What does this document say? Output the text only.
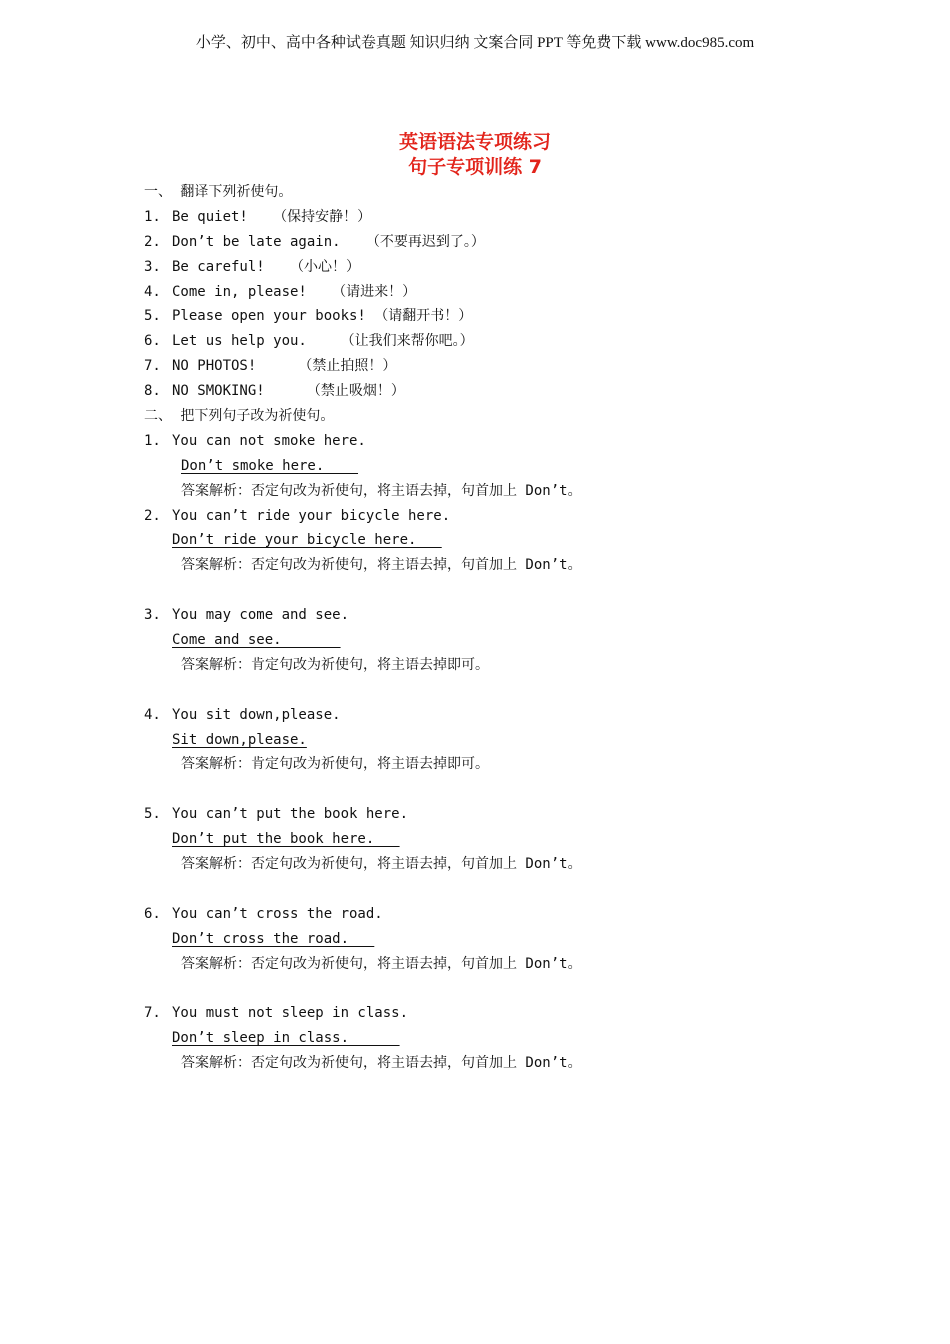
小学、初中、高中各种试卷真题 知识归纳 文案合同 PPT 等免费下载 www.doc985.com
英语语法专项练习
句子专项训练 7
一、 翻译下列祈使句。
1. Be quiet!   （保持安静！）
2. Don’t be late again.   （不要再迟到了。）
3. Be careful!   （小心！）
4. Come in, please!   （请进来！）
5. Please open your books! （请翻开书！）
6. Let us help you.    （让我们来帮你吧。）
7. NO PHOTOS!     （禁止拍照！）
8. NO SMOKING!     （禁止吸烟！）
二、 把下列句子改为祈使句。
1. You can not smoke here.
Don’t smoke here.
答案解析：否定句改为祈使句，将主语去掉，句首加上 Don’t。
2. You can’t ride your bicycle here.
Don’t ride your bicycle here.
答案解析：否定句改为祈使句，将主语去掉，句首加上 Don’t。
3. You may come and see.
Come and see.
答案解析：肯定句改为祈使句，将主语去掉即可。
4. You sit down,please.
Sit down,please.
答案解析：肯定句改为祈使句，将主语去掉即可。
5. You can’t put the book here.
Don’t put the book here.
答案解析：否定句改为祈使句，将主语去掉，句首加上 Don’t。
6. You can’t cross the road.
Don’t cross the road.
答案解析：否定句改为祈使句，将主语去掉，句首加上 Don’t。
7. You must not sleep in class.
Don’t sleep in class.
答案解析：否定句改为祈使句，将主语去掉，句首加上 Don’t。
